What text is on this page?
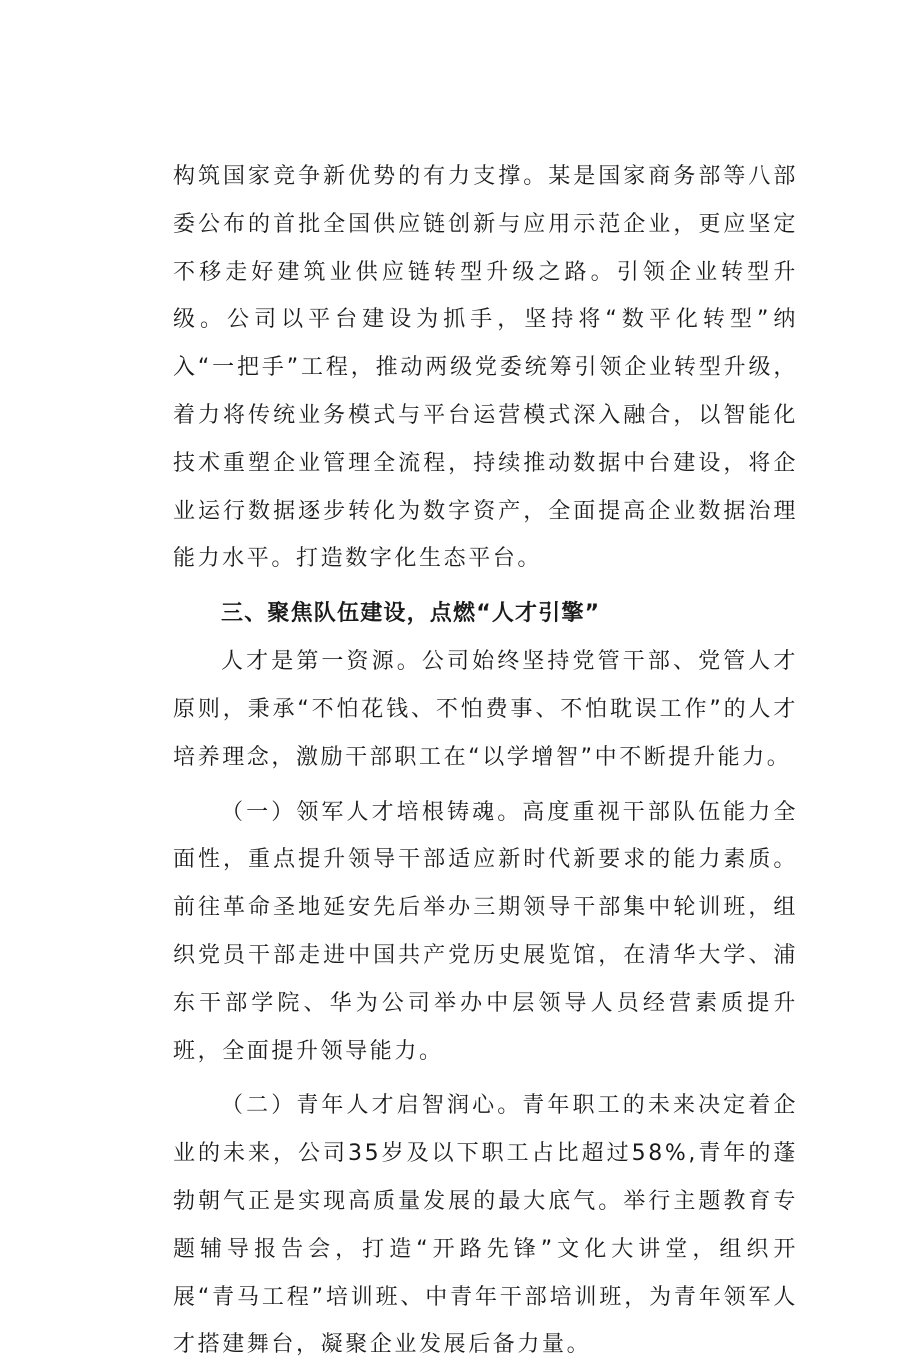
构筑国家竞争新优势的有力支撑。某是国家商务部等八部委公布的首批全国供应链创新与应用示范企业，更应坚定不移走好建筑业供应链转型升级之路。引领企业转型升级。公司以平台建设为抓手，坚持将“数平化转型”纳入“一把手”工程，推动两级党委统筹引领企业转型升级，着力将传统业务模式与平台运营模式深入融合，以智能化技术重塑企业管理全流程，持续推动数据中台建设，将企业运行数据逐步转化为数字资产，全面提高企业数据治理能力水平。打造数字化生态平台。

三、聚焦队伍建设，点燃“人才引擎”

人才是第一资源。公司始终坚持党管干部、党管人才原则，秉承“不怕花钱、不怕费事、不怕耽误工作”的人才培养理念，激励干部职工在“以学增智”中不断提升能力。

（一）领军人才培根铸魂。高度重视干部队伍能力全面性，重点提升领导干部适应新时代新要求的能力素质。前往革命圣地延安先后举办三期领导干部集中轮训班，组织党员干部走进中国共产党历史展览馆，在清华大学、浦东干部学院、华为公司举办中层领导人员经营素质提升班，全面提升领导能力。

（二）青年人才启智润心。青年职工的未来决定着企业的未来，公司35岁及以下职工占比超过58%,青年的蓬勃朝气正是实现高质量发展的最大底气。举行主题教育专题辅导报告会，打造“开路先锋”文化大讲堂，组织开展“青马工程”培训班、中青年干部培训班，为青年领军人才搭建舞台，凝聚企业发展后备力量。
